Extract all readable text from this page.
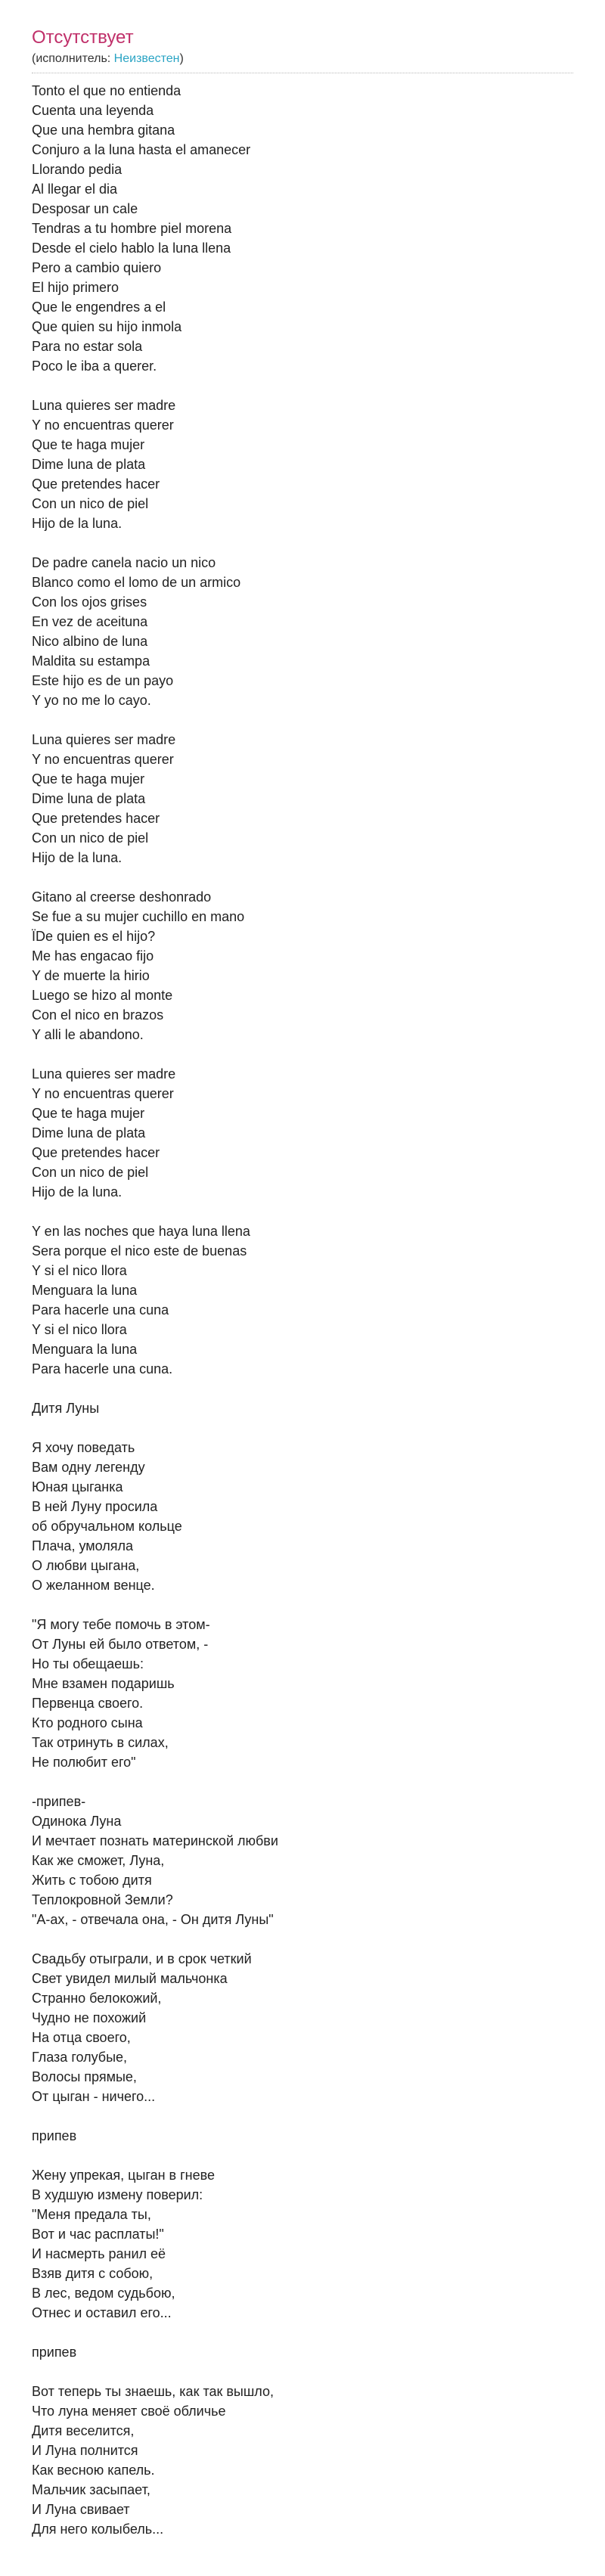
Отсутствует
(исполнитель: Неизвестен)
Tonto el que no entienda
Cuenta una leyenda
Que una hembra gitana
Conjuro a la luna hasta el amanecer
Llorando pedia
Al llegar el dia
Desposar un cale
Tendras a tu hombre piel morena
Desde el cielo hablo la luna llena
Pero a cambio quiero
El hijo primero
Que le engendres a el
Que quien su hijo inmola
Para no estar sola
Poco le iba a querer.
Luna quieres ser madre
Y no encuentras querer
Que te haga mujer
Dime luna de plata
Que pretendes hacer
Con un nico de piel
Hijo de la luna.
De padre canela nacio un nico
Blanco como el lomo de un armico
Con los ojos grises
En vez de aceituna
Nico albino de luna
Maldita su estampa
Este hijo es de un payo
Y yo no me lo cayo.
Luna quieres ser madre
Y no encuentras querer
Que te haga mujer
Dime luna de plata
Que pretendes hacer
Con un nico de piel
Hijo de la luna.
Gitano al creerse deshonrado
Se fue a su mujer cuchillo en mano
ÏDe quien es el hijo?
Me has engacao fijo
Y de muerte la hirio
Luego se hizo al monte
Con el nico en brazos
Y alli le abandono.
Luna quieres ser madre
Y no encuentras querer
Que te haga mujer
Dime luna de plata
Que pretendes hacer
Con un nico de piel
Hijo de la luna.
Y en las noches que haya luna llena
Sera porque el nico este de buenas
Y si el nico llora
Menguara la luna
Para hacerle una cuna
Y si el nico llora
Menguara la luna
Para hacerle una cuna.
Дитя Луны
Я хочу поведать
Вам одну легенду
Юная цыганка
В ней Луну просила
об обручальном кольце
Плача, умоляла
О любви цыгана,
О желанном венце.
"Я могу тебе помочь в этом-
От Луны ей было ответом, -
Но ты обещаешь:
Мне взамен подаришь
Первенца своего.
Кто родного сына
Так отринуть в силах,
Не полюбит его"
-припев-
Одинока Луна
И мечтает познать материнской любви
Как же сможет, Луна,
Жить с тобою дитя
Теплокровной Земли?
"А-ах, - отвечала она, - Он дитя Луны"
Свадьбу отыграли, и в срок четкий
Свет увидел милый мальчонка
Странно белокожий,
Чудно не похожий
На отца своего,
Глаза голубые,
Волосы прямые,
От цыган - ничего...
припев
Жену упрекая, цыган в гневе
В худшую измену поверил:
"Меня предала ты,
Вот и час расплаты!"
И насмерть ранил её
Взяв дитя с собою,
В лес, ведом судьбою,
Отнес и оставил его...
припев
Вот теперь ты знаешь, как так вышло,
Что луна меняет своё обличье
Дитя веселится,
И Луна полнится
Как весною капель.
Мальчик засыпает,
И Луна свивает
Для него колыбель...
